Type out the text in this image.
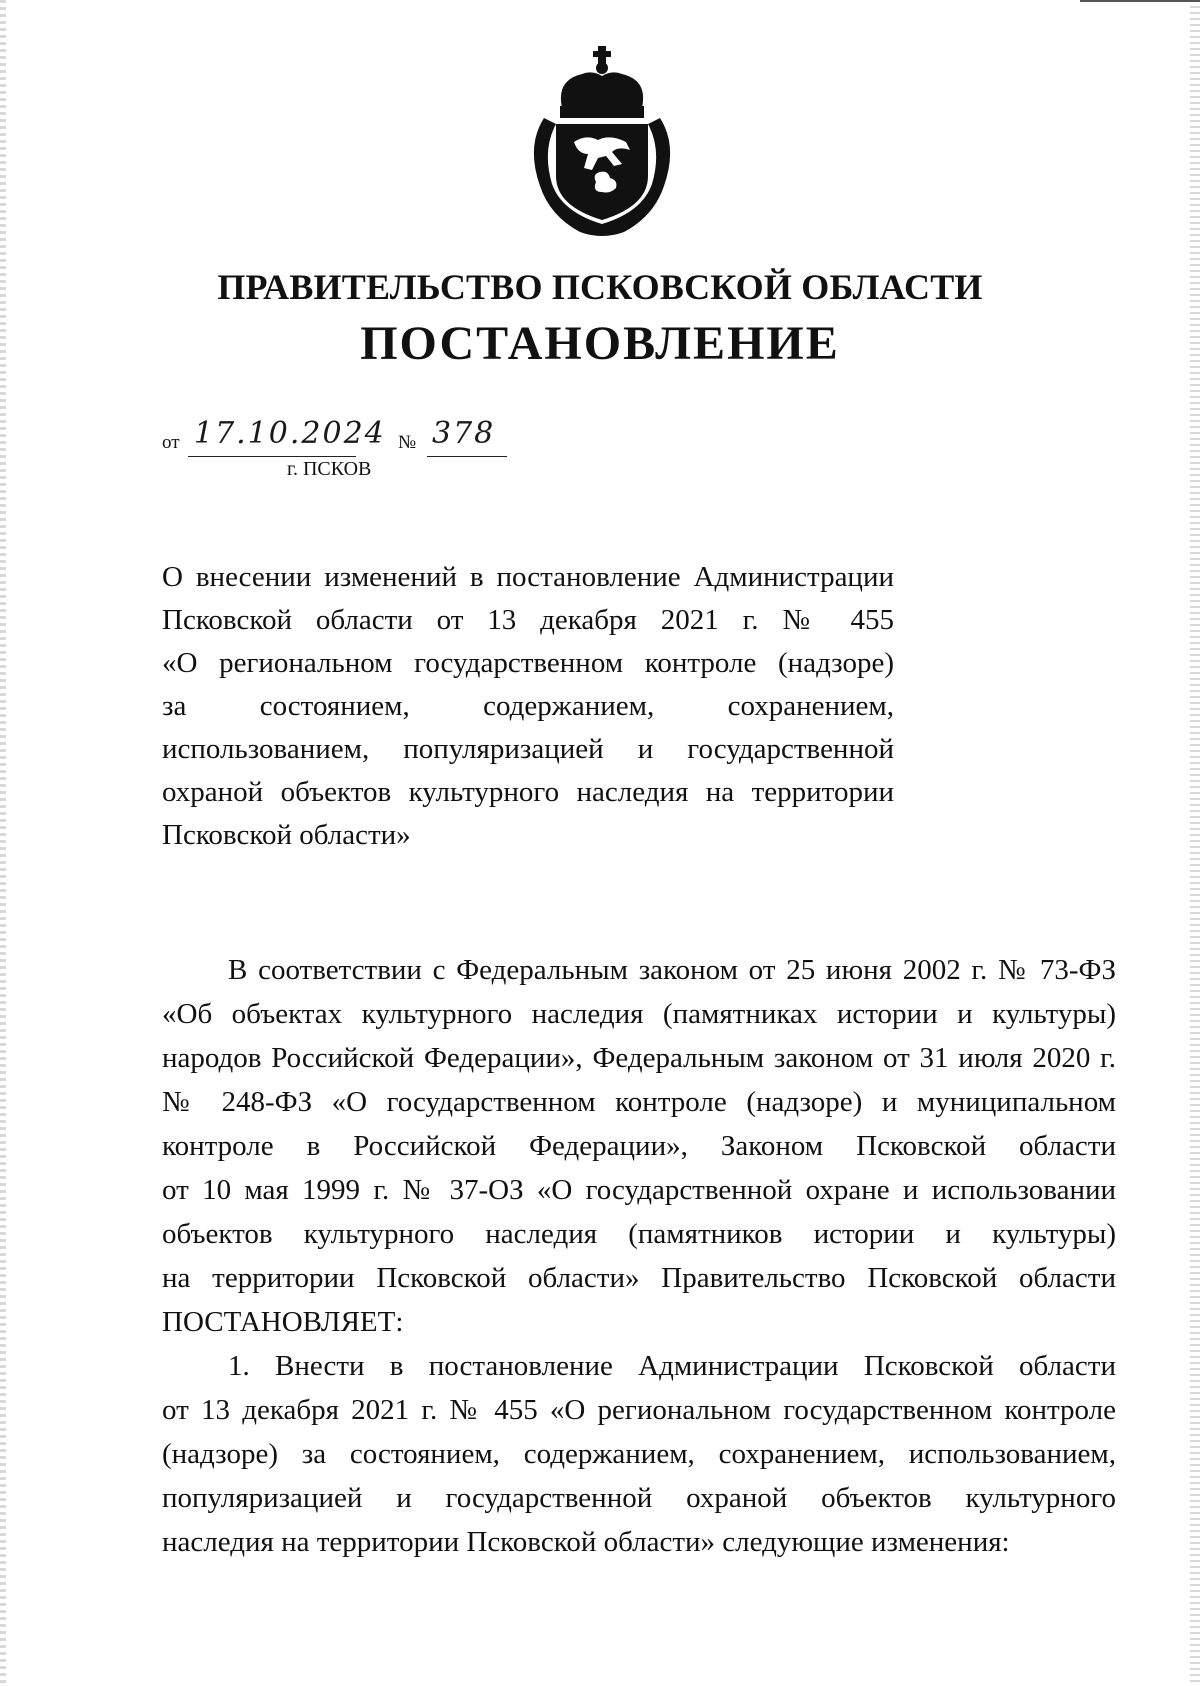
ПРАВИТЕЛЬСТВО ПСКОВСКОЙ ОБЛАСТИ
ПОСТАНОВЛЕНИЕ
от 17.10.2024 № 378
г. ПСКОВ
О внесении изменений в постановление Администрации
Псковской области от 13 декабря 2021 г. № 455
«О региональном государственном контроле (надзоре)
за состоянием, содержанием, сохранением,
использованием, популяризацией и государственной
охраной объектов культурного наследия на территории
Псковской области»
В соответствии с Федеральным законом от 25 июня 2002 г. № 73-ФЗ
«Об объектах культурного наследия (памятниках истории и культуры)
народов Российской Федерации», Федеральным законом от 31 июля 2020 г.
№ 248-ФЗ «О государственном контроле (надзоре) и муниципальном
контроле в Российской Федерации», Законом Псковской области
от 10 мая 1999 г. № 37-ОЗ «О государственной охране и использовании
объектов культурного наследия (памятников истории и культуры)
на территории Псковской области» Правительство Псковской области
ПОСТАНОВЛЯЕТ:
1. Внести в постановление Администрации Псковской области
от 13 декабря 2021 г. № 455 «О региональном государственном контроле
(надзоре) за состоянием, содержанием, сохранением, использованием,
популяризацией и государственной охраной объектов культурного
наследия на территории Псковской области» следующие изменения:
